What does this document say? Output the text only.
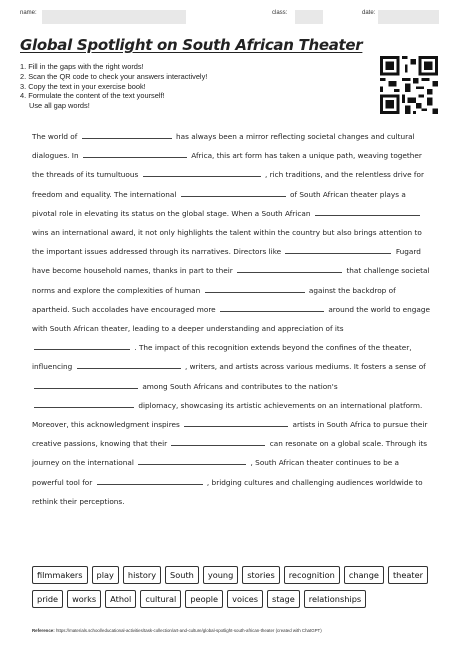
name:	class:	date:
Global Spotlight on South African Theater
1. Fill in the gaps with the right words!
2. Scan the QR code to check your answers interactively!
3. Copy the text in your exercise book!
4. Formulate the content of the text yourself!
Use all gap words!
The world of	has always been a mirror reflecting societal changes and cultural dialogues. In	Africa, this art form has taken a unique path, weaving together the threads of its tumultuous	, rich traditions, and the relentless drive for freedom and equality. The international	of South African theater plays a pivotal role in elevating its status on the global stage. When a South African  wins an international award, it not only highlights the talent within the country but also brings attention to the important issues addressed through its narratives. Directors like	Fugard have become household names, thanks in part to their	that challenge societal norms and explore the complexities of human	against the backdrop of apartheid. Such accolades have encouraged more	around the world to engage with South African theater, leading to a deeper understanding and appreciation of its  . The impact of this recognition extends beyond the confines of the theater, influencing	, writers, and artists across various mediums. It fosters a sense of  among South Africans and contributes to the nation's  diplomacy, showcasing its artistic achievements on an international platform. Moreover, this acknowledgment inspires	artists in South Africa to pursue their creative passions, knowing that their	can resonate on a global scale. Through its journey on the international	, South African theater continues to be a powerful tool for	, bridging cultures and challenging audiences worldwide to rethink their perceptions.
filmmakers	play	history	South	young	stories	recognition	change	theater
pride	works	Athol	cultural	people	voices	stage	relationships
Reference: https://materials.school/educational-activities/task-collection/art-and-culture/global-spotlight-south-african-theater (created with ChatGPT)
